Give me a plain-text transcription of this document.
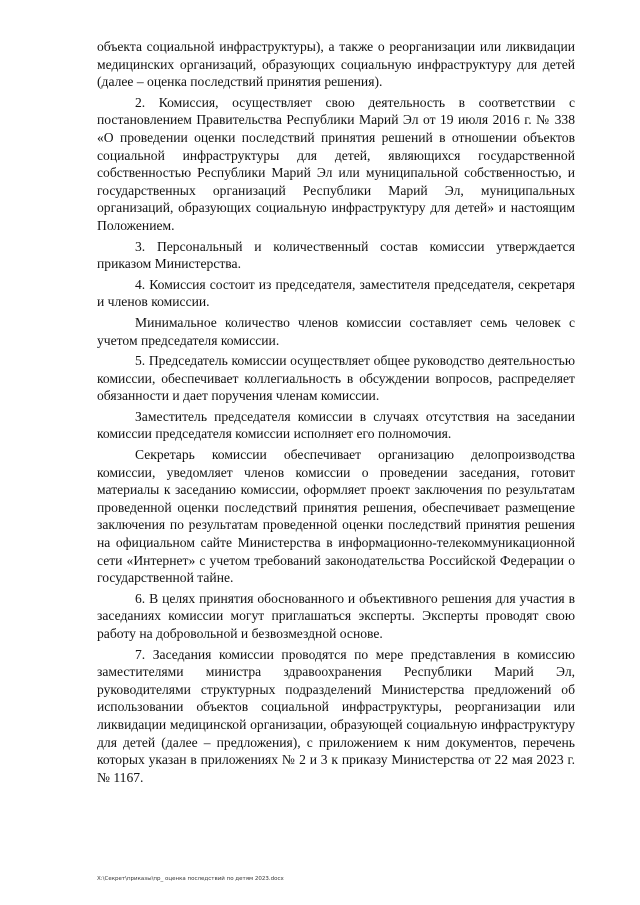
объекта социальной инфраструктуры), а также о реорганизации или ликвидации медицинских организаций, образующих социальную инфраструктуру для детей (далее – оценка последствий принятия решения).

2. Комиссия, осуществляет свою деятельность в соответствии с постановлением Правительства Республики Марий Эл от 19 июля 2016 г. № 338 «О проведении оценки последствий принятия решений в отношении объектов социальной инфраструктуры для детей, являющихся государственной собственностью Республики Марий Эл или муниципальной собственностью, и государственных организаций Республики Марий Эл, муниципальных организаций, образующих социальную инфраструктуру для детей» и настоящим Положением.

3. Персональный и количественный состав комиссии утверждается приказом Министерства.

4. Комиссия состоит из председателя, заместителя председателя, секретаря и членов комиссии.

Минимальное количество членов комиссии составляет семь человек с учетом председателя комиссии.

5. Председатель комиссии осуществляет общее руководство деятельностью комиссии, обеспечивает коллегиальность в обсуждении вопросов, распределяет обязанности и дает поручения членам комиссии.

Заместитель председателя комиссии в случаях отсутствия на заседании комиссии председателя комиссии исполняет его полномочия.

Секретарь комиссии обеспечивает организацию делопроизводства комиссии, уведомляет членов комиссии о проведении заседания, готовит материалы к заседанию комиссии, оформляет проект заключения по результатам проведенной оценки последствий принятия решения, обеспечивает размещение заключения по результатам проведенной оценки последствий принятия решения на официальном сайте Министерства в информационно-телекоммуникационной сети «Интернет» с учетом требований законодательства Российской Федерации о государственной тайне.

6. В целях принятия обоснованного и объективного решения для участия в заседаниях комиссии могут приглашаться эксперты. Эксперты проводят свою работу на добровольной и безвозмездной основе.

7. Заседания комиссии проводятся по мере представления в комиссию заместителями министра здравоохранения Республики Марий Эл, руководителями структурных подразделений Министерства предложений об использовании объектов социальной инфраструктуры, реорганизации или ликвидации медицинской организации, образующей социальную инфраструктуру для детей (далее – предложения), с приложением к ним документов, перечень которых указан в приложениях № 2 и 3 к приказу Министерства от 22 мая 2023 г. № 1167.

X:\Секрет\приказы\пр_ оценка последствий по детям 2023.docx
